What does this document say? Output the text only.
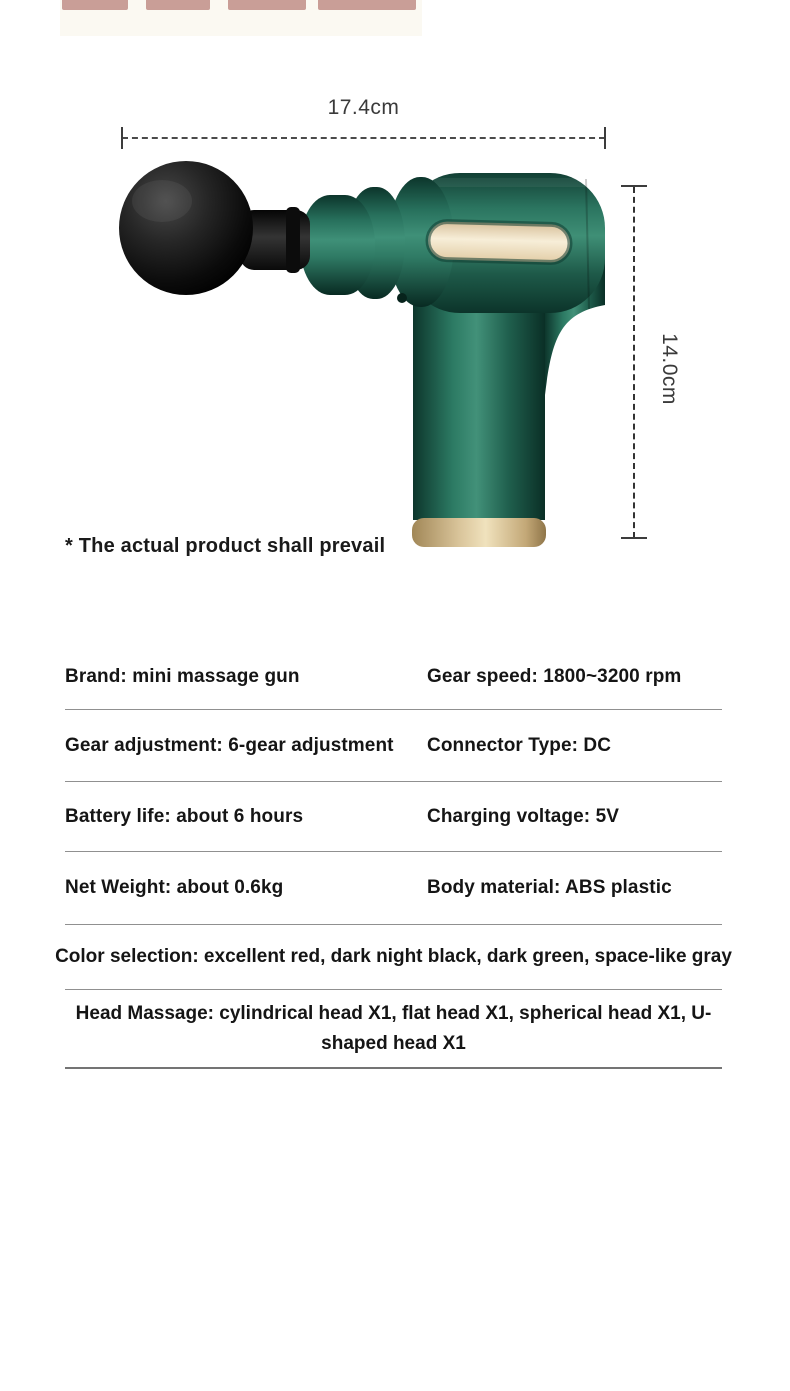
17.4cm
14.0cm
* The actual product shall prevail
Brand: mini massage gun	Gear speed: 1800~3200 rpm
Gear adjustment: 6-gear adjustment Connector Type: DC
Battery life: about 6 hours	Charging voltage: 5V
Net Weight: about 0.6kg	Body material: ABS plastic
Color selection: excellent red, dark night black, dark green, space-like gray
Head Massage: cylindrical head X1, flat head X1, spherical head X1, U-shaped head X1
